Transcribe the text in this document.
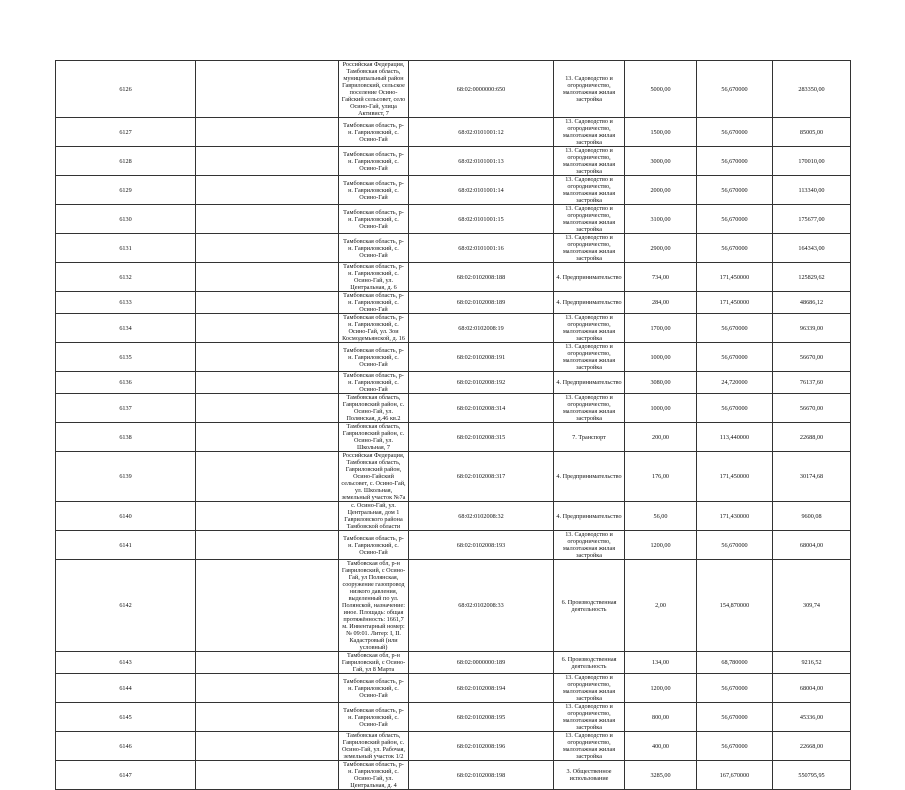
6126		Российская Федерация, Тамбовская область, муниципальный район Гавриловский, сельское поселение Осино-Гайский сельсовет, село Осино-Гай, улица Активист, 7	68:02:0000000:650	13. Садоводство и огородничество, малоэтажная жилая застройка	5000,00	56,670000	283350,00
6127		Тамбовская область, р-н. Гавриловский, с. Осино-Гай	68:02:0101001:12	13. Садоводство и огородничество, малоэтажная жилая застройка	1500,00	56,670000	85005,00
6128		Тамбовская область, р-н. Гавриловский, с. Осино-Гай	68:02:0101001:13	13. Садоводство и огородничество, малоэтажная жилая застройка	3000,00	56,670000	170010,00
6129		Тамбовская область, р-н. Гавриловский, с. Осино-Гай	68:02:0101001:14	13. Садоводство и огородничество, малоэтажная жилая застройка	2000,00	56,670000	113340,00
6130		Тамбовская область, р-н. Гавриловский, с. Осино-Гай	68:02:0101001:15	13. Садоводство и огородничество, малоэтажная жилая застройка	3100,00	56,670000	175677,00
6131		Тамбовская область, р-н. Гавриловский, с. Осино-Гай	68:02:0101001:16	13. Садоводство и огородничество, малоэтажная жилая застройка	2900,00	56,670000	164343,00
6132		Тамбовская область, р-н. Гавриловский, с. Осино-Гай, ул. Центральная, д. 6	68:02:0102008:188	4. Предпринимательство	734,00	171,450000	125829,62
6133		Тамбовская область, р-н. Гавриловский, с. Осино-Гай	68:02:0102008:189	4. Предпринимательство	284,00	171,450000	48686,12
6134		Тамбовская область, р-н. Гавриловский, с. Осино-Гай, ул. Зои Космодемьянской, д. 16	68:02:0102008:19	13. Садоводство и огородничество, малоэтажная жилая застройка	1700,00	56,670000	96339,00
6135		Тамбовская область, р-н. Гавриловский, с. Осино-Гай	68:02:0102008:191	13. Садоводство и огородничество, малоэтажная жилая застройка	1000,00	56,670000	56670,00
6136		Тамбовская область, р-н. Гавриловский, с. Осино-Гай	68:02:0102008:192	4. Предпринимательство	3080,00	24,720000	76137,60
6137		Тамбовская область, Гавриловский район, с. Осино-Гай, ул. Полянская, д.46 кв.2	68:02:0102008:314	13. Садоводство и огородничество, малоэтажная жилая застройка	1000,00	56,670000	56670,00
6138		Тамбовская область, Гавриловский район, с. Осино-Гай, ул. Школьная, 7	68:02:0102008:315	7. Транспорт	200,00	113,440000	22688,00
6139		Российская Федерация, Тамбовская область, Гавриловский район, Осино-Гайский сельсовет, с. Осино-Гай, ул. Школьная, земельный участок №7а	68:02:0102008:317	4. Предпринимательство	176,00	171,450000	30174,68
6140		с. Осино-Гай, ул. Центральная, дом 1 Гавриловского района Тамбовской области	68:02:0102008:32	4. Предпринимательство	56,00	171,430000	9600,08
6141		Тамбовская область, р-н. Гавриловский, с. Осино-Гай	68:02:0102008:193	13. Садоводство и огородничество, малоэтажная жилая застройка	1200,00	56,670000	68004,00
6142		Тамбовская обл, р-н Гавриловский, с Осино-Гай, ул Полянская, сооружение газопровод низкого давления, выделенный по ул. Полянской, назначение: иное. Площадь: общая протяжённость: 1661,7 м. Инвентарный номер: № 09:01. Литер: I, II. Кадастровый (или условный)	68:02:0102008:33	6. Производственная деятельность	2,00	154,870000	309,74
6143		Тамбовская обл, р-н Гавриловский, с Осино-Гай, ул 8 Марта	68:02:0000000:189	6. Производственная деятельность	134,00	68,780000	9216,52
6144		Тамбовская область, р-н. Гавриловский, с. Осино-Гай	68:02:0102008:194	13. Садоводство и огородничество, малоэтажная жилая застройка	1200,00	56,670000	68004,00
6145		Тамбовская область, р-н. Гавриловский, с. Осино-Гай	68:02:0102008:195	13. Садоводство и огородничество, малоэтажная жилая застройка	800,00	56,670000	45336,00
6146		Тамбовская область, Гавриловский район, с. Осино-Гай, ул. Рабочая, земельный участок 1/2	68:02:0102008:196	13. Садоводство и огородничество, малоэтажная жилая застройка	400,00	56,670000	22668,00
6147		Тамбовская область, р-н. Гавриловский, с. Осино-Гай, ул. Центральная, д. 4	68:02:0102008:198	3. Общественное использование	3285,00	167,670000	550795,95
